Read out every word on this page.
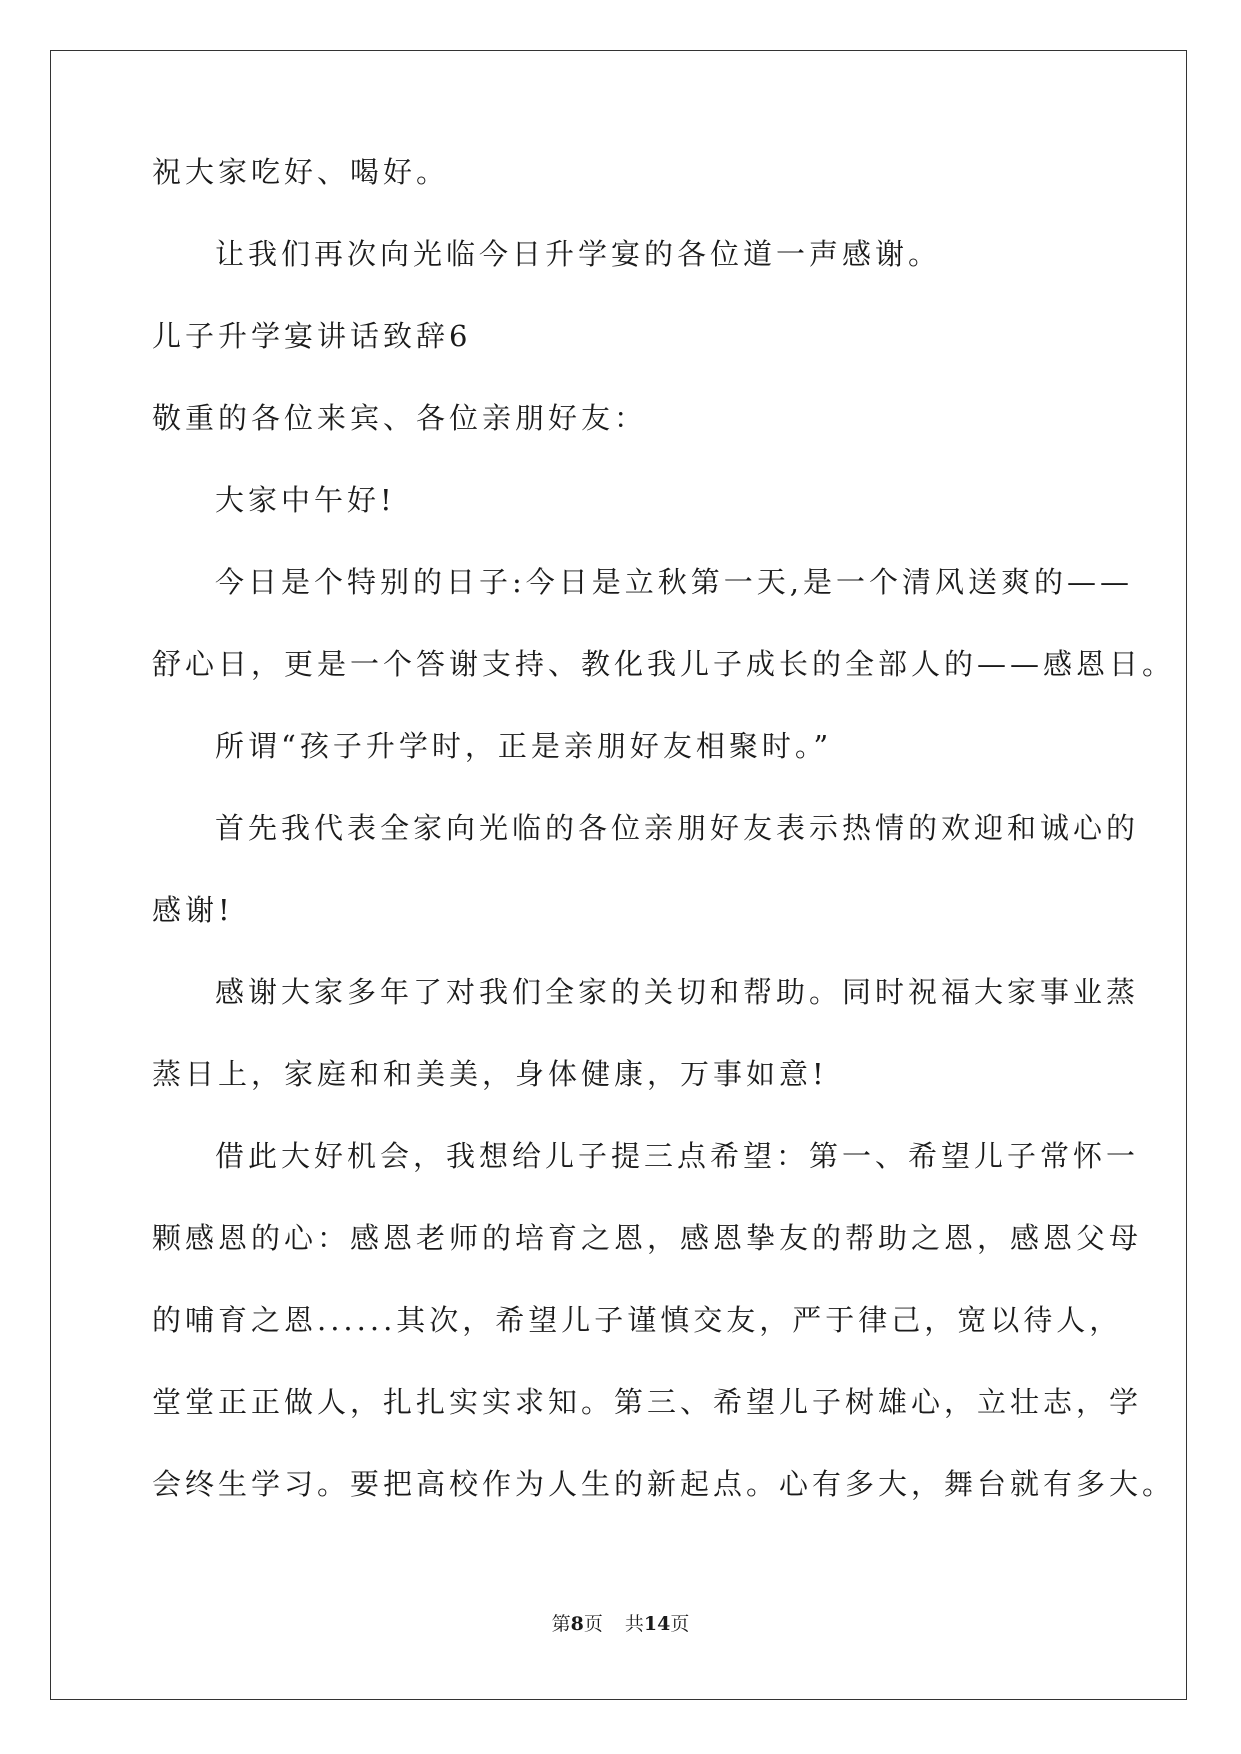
祝大家吃好、喝好。

让我们再次向光临今日升学宴的各位道一声感谢。

儿子升学宴讲话致辞6

敬重的各位来宾、各位亲朋好友：

大家中午好!

今日是个特别的日子:今日是立秋第一天,是一个清风送爽的——

舒心日，更是一个答谢支持、教化我儿子成长的全部人的——感恩日。

所谓“孩子升学时，正是亲朋好友相聚时。”

首先我代表全家向光临的各位亲朋好友表示热情的欢迎和诚心的

感谢!

感谢大家多年了对我们全家的关切和帮助。同时祝福大家事业蒸

蒸日上，家庭和和美美，身体健康，万事如意!

借此大好机会，我想给儿子提三点希望：第一、希望儿子常怀一

颗感恩的心：感恩老师的培育之恩，感恩挚友的帮助之恩，感恩父母

的哺育之恩......其次，希望儿子谨慎交友，严于律己，宽以待人，

堂堂正正做人，扎扎实实求知。第三、希望儿子树雄心，立壮志，学

会终生学习。要把高校作为人生的新起点。心有多大，舞台就有多大。

第8页 共14页
